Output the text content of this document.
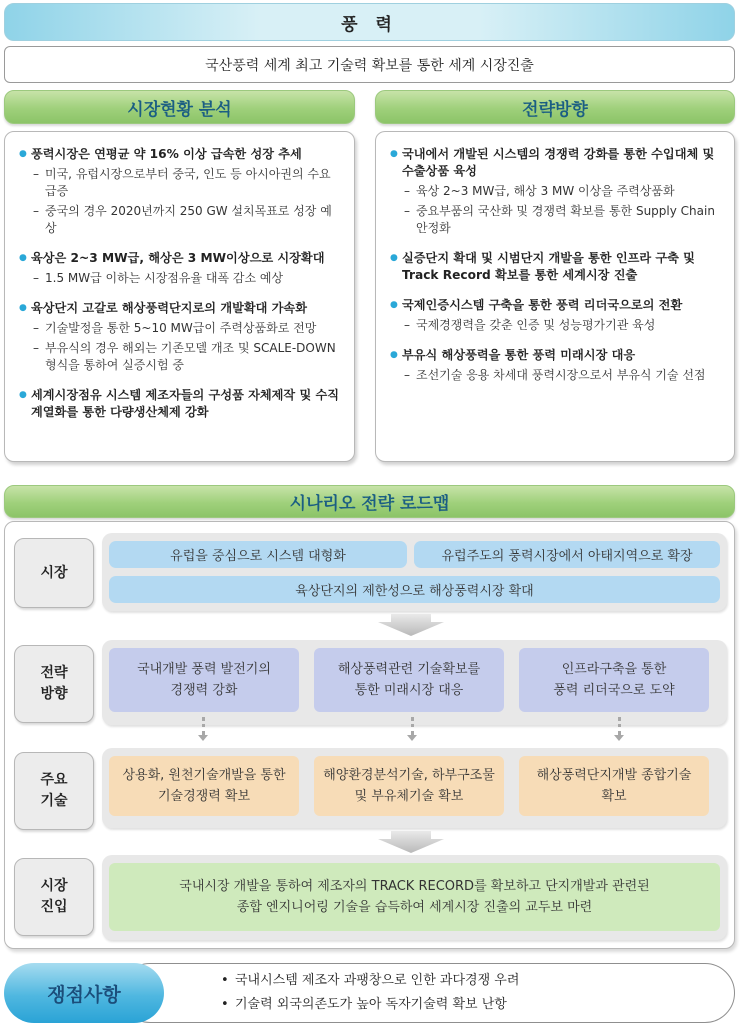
풍 력
국산풍력 세계 최고 기술력 확보를 통한 세계 시장진출
시장현황 분석	전략방향
● 풍력시장은 연평균 약 16% 이상 급속한 성장 추세
– 미국, 유럽시장으로부터 중국, 인도 등 아시아권의 수요 급증
– 중국의 경우 2020년까지 250 GW 설치목표로 성장 예상
● 육상은 2~3 MW급, 해상은 3 MW이상으로 시장확대
– 1.5 MW급 이하는 시장점유율 대폭 감소 예상
● 육상단지 고갈로 해상풍력단지로의 개발확대 가속화
– 기술발정을 통한 5~10 MW급이 주력상품화로 전망
– 부유식의 경우 해외는 기존모델 개조 및 SCALE-DOWN 형식을 통하여 실증시험 중
● 세계시장점유 시스템 제조자들의 구성품 자체제작 및 수직계열화를 통한 다량생산체제 강화
● 국내에서 개발된 시스템의 경쟁력 강화를 통한 수입대체 및 수출상품 육성
– 육상 2~3 MW급, 해상 3 MW 이상을 주력상품화
– 중요부품의 국산화 및 경쟁력 확보를 통한 Supply Chain 안정화
● 실증단지 확대 및 시범단지 개발을 통한 인프라 구축 및 Track Record 확보를 통한 세계시장 진출
● 국제인증시스템 구축을 통한 풍력 리더국으로의 전환
– 국제경쟁력을 갖춘 인증 및 성능평가기관 육성
● 부유식 해상풍력을 통한 풍력 미래시장 대응
– 조선기술 응용 차세대 풍력시장으로서 부유식 기술 선점
시나리오 전략 로드맵
시장
유럽을 중심으로 시스템 대형화	유럽주도의 풍력시장에서 아태지역으로 확장
육상단지의 제한성으로 해상풍력시장 확대
전략
방향
국내개발 풍력 발전기의
경쟁력 강화
해상풍력관련 기술확보를
통한 미래시장 대응
인프라구축을 통한
풍력 리더국으로 도약
주요
기술
상용화, 원천기술개발을 통한
기술경쟁력 확보
해양환경분석기술, 하부구조물
및 부유체기술 확보
해상풍력단지개발 종합기술
확보
시장
진입
국내시장 개발을 통하여 제조자의 TRACK RECORD를 확보하고 단지개발과 관련된
종합 엔지니어링 기술을 습득하여 세계시장 진출의 교두보 마련
• 국내시스템 제조자 과팽창으로 인한 과다경쟁 우려
• 기술력 외국의존도가 높아 독자기술력 확보 난항
쟁점사항
